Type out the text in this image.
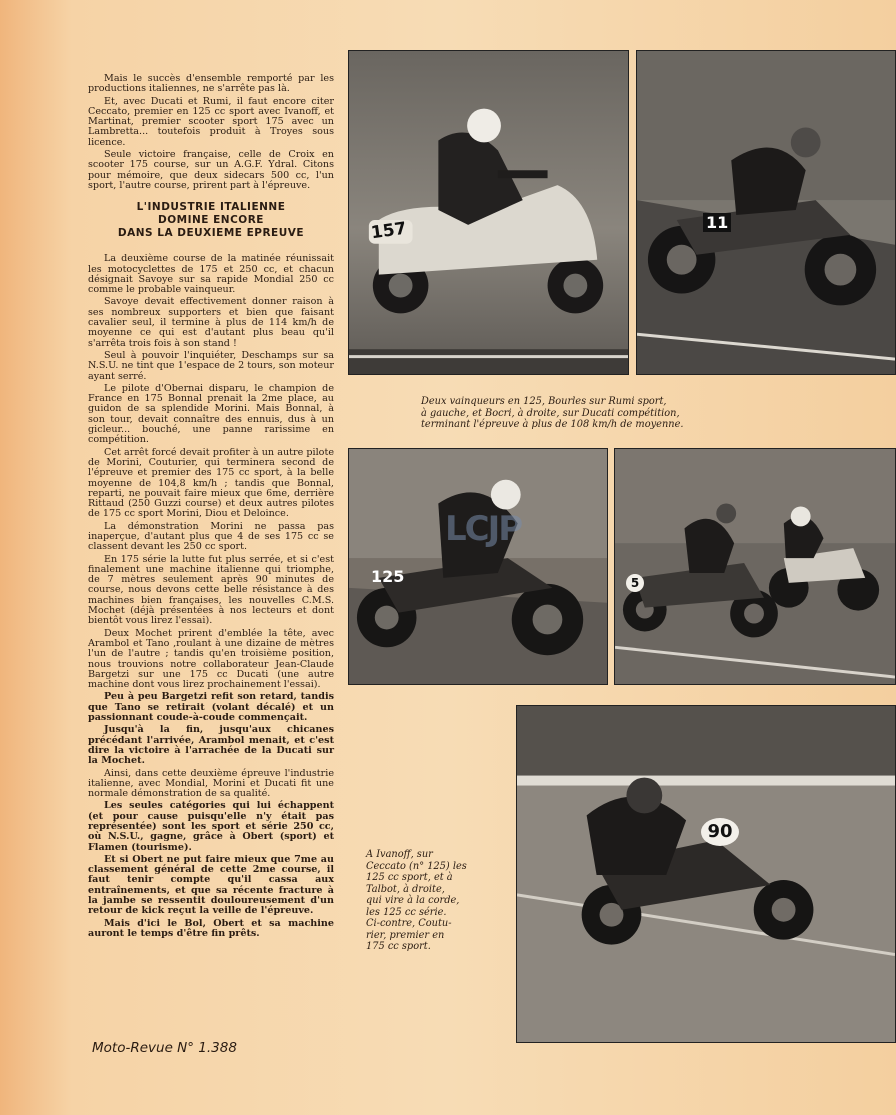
Mais le succès d'ensemble remporté par les productions italiennes, ne s'arrête pas là.

Et, avec Ducati et Rumi, il faut encore citer Ceccato, premier en 125 cc sport avec Ivanoff, et Martinat, premier scooter sport 175 avec un Lambretta... toutefois produit à Troyes sous licence.

Seule victoire française, celle de Croix en scooter 175 course, sur un A.G.F. Ydral. Citons pour mémoire, que deux sidecars 500 cc, l'un sport, l'autre course, prirent part à l'épreuve.

L'INDUSTRIE ITALIENNE
DOMINE ENCORE
DANS LA DEUXIEME EPREUVE

La deuxième course de la matinée réunissait les motocyclettes de 175 et 250 cc, et chacun désignait Savoye sur sa rapide Mondial 250 cc comme le probable vainqueur.

Savoye devait effectivement donner raison à ses nombreux supporters et bien que faisant cavalier seul, il termine à plus de 114 km/h de moyenne ce qui est d'autant plus beau qu'il s'arrêta trois fois à son stand !

Seul à pouvoir l'inquiéter, Deschamps sur sa N.S.U. ne tint que 1'espace de 2 tours, son moteur ayant serré.

Le pilote d'Obernai disparu, le champion de France en 175 Bonnal prenait la 2me place, au guidon de sa splendide Morini. Mais Bonnal, à son tour, devait connaître des ennuis, dus à un gicleur... bouché, une panne rarissime en compétition.

Cet arrêt forcé devait profiter à un autre pilote de Morini, Couturier, qui terminera second de l'épreuve et premier des 175 cc sport, à la belle moyenne de 104,8 km/h ; tandis que Bonnal, reparti, ne pouvait faire mieux que 6me, derrière Rittaud (250 Guzzi course) et deux autres pilotes de 175 cc sport Morini, Diou et Deloince.

La démonstration Morini ne passa pas inaperçue, d'autant plus que 4 de ses 175 cc se classent devant les 250 cc sport.

En 175 série la lutte fut plus serrée, et si c'est finalement une machine italienne qui triomphe, de 7 mètres seulement après 90 minutes de course, nous devons cette belle résistance à des machines bien françaises, les nouvelles C.M.S. Mochet (déjà présentées à nos lecteurs et dont bientôt vous lirez l'essai).

Deux Mochet prirent d'emblée la tête, avec Arambol et Tano ,roulant à une dizaine de mètres l'un de l'autre ; tandis qu'en troisième position, nous trouvions notre collaborateur Jean-Claude Bargetzi sur une 175 cc Ducati (une autre machine dont vous lirez prochainement l'essai).

Peu à peu Bargetzi refit son retard, tandis que Tano se retirait (volant décalé) et un passionnant coude-à-coude commençait.

Jusqu'à la fin, jusqu'aux chicanes précédant l'arrivée, Arambol menait, et c'est dire la victoire à l'arrachée de la Ducati sur la Mochet.

Ainsi, dans cette deuxième épreuve l'industrie italienne, avec Mondial, Morini et Ducati fit une normale démonstration de sa qualité.

Les seules catégories qui lui échappent (et pour cause puisqu'elle n'y était pas représentée) sont les sport et série 250 cc, où N.S.U., gagne, grâce à Obert (sport) et Flamen (tourisme).

Et si Obert ne put faire mieux que 7me au classement général de cette 2me course, il faut tenir compte qu'il cassa aux entraînements, et que sa récente fracture à la jambe se ressentit douloureusement d'un retour de kick reçut la veille de l'épreuve.

Mais d'ici le Bol, Obert et sa machine auront le temps d'être fin prêts.

157	11
Deux vainqueurs en 125, Bourles sur Rumi sport,
à gauche, et Bocri, à droite, sur Ducati compétition,
terminant l'épreuve à plus de 108 km/h de moyenne.
125
LCJP
5
90
A Ivanoff, sur
Ceccato (n° 125) les
125 cc sport, et à
Talbot, à droite,
qui vire à la corde,
les 125 cc série.
Ci-contre, Coutu-
rier, premier en
175 cc sport.
Moto-Revue N° 1.388
